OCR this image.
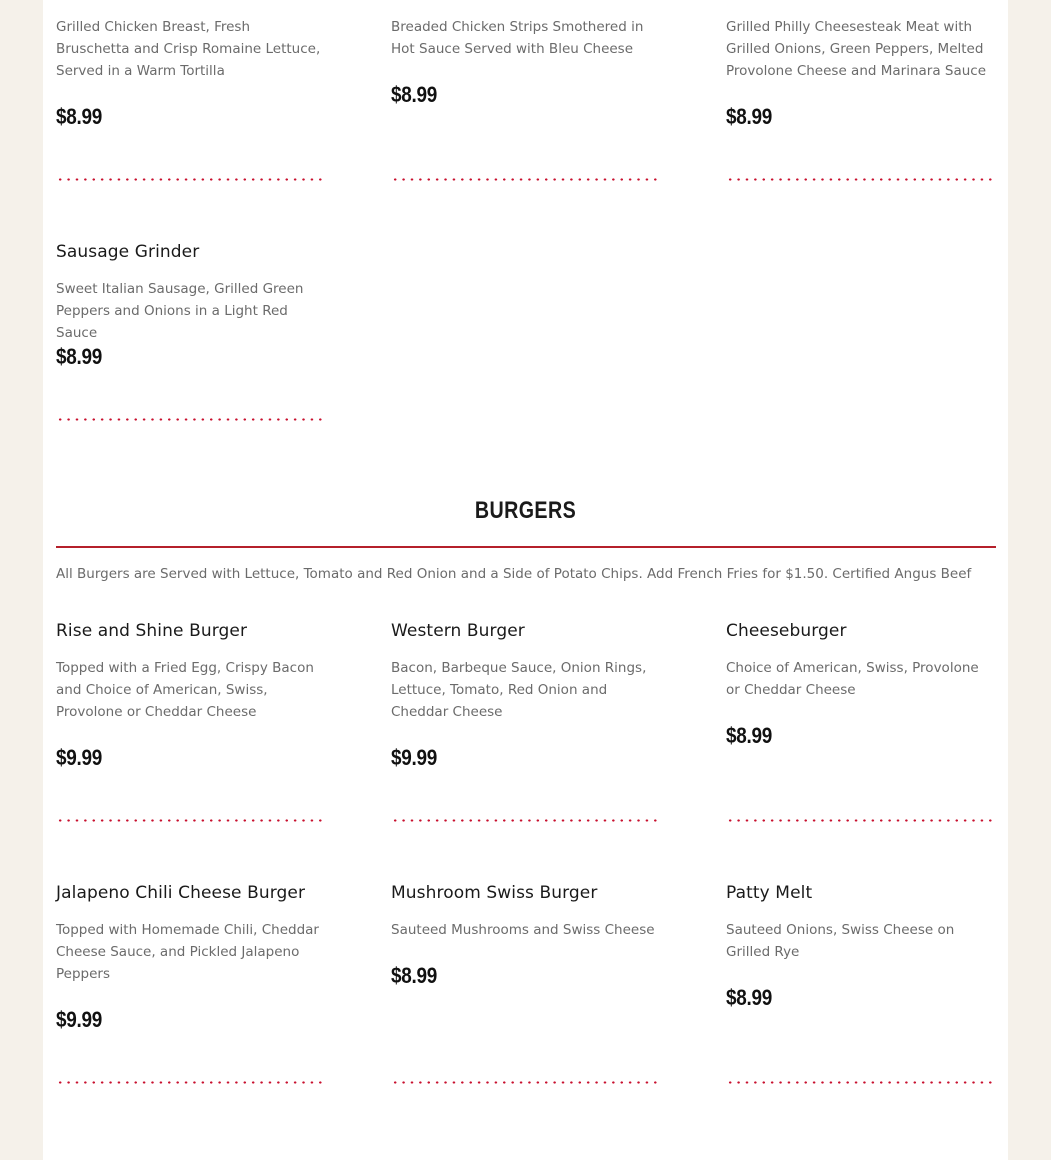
Grilled Chicken Breast, Fresh Bruschetta and Crisp Romaine Lettuce, Served in a Warm Tortilla

$8.99

Breaded Chicken Strips Smothered in Hot Sauce Served with Bleu Cheese

$8.99

Grilled Philly Cheesesteak Meat with Grilled Onions, Green Peppers, Melted Provolone Cheese and Marinara Sauce

$8.99

Sausage Grinder

Sweet Italian Sausage, Grilled Green Peppers and Onions in a Light Red Sauce

$8.99
BURGERS

All Burgers are Served with Lettuce, Tomato and Red Onion and a Side of Potato Chips. Add French Fries for $1.50. Certified Angus Beef

Rise and Shine Burger

Topped with a Fried Egg, Crispy Bacon and Choice of American, Swiss, Provolone or Cheddar Cheese

$9.99

Western Burger

Bacon, Barbeque Sauce, Onion Rings, Lettuce, Tomato, Red Onion and Cheddar Cheese

$9.99

Cheeseburger

Choice of American, Swiss, Provolone or Cheddar Cheese

$8.99

Jalapeno Chili Cheese Burger

Topped with Homemade Chili, Cheddar Cheese Sauce, and Pickled Jalapeno Peppers

$9.99

Mushroom Swiss Burger

Sauteed Mushrooms and Swiss Cheese

$8.99

Patty Melt

Sauteed Onions, Swiss Cheese on Grilled Rye

$8.99
